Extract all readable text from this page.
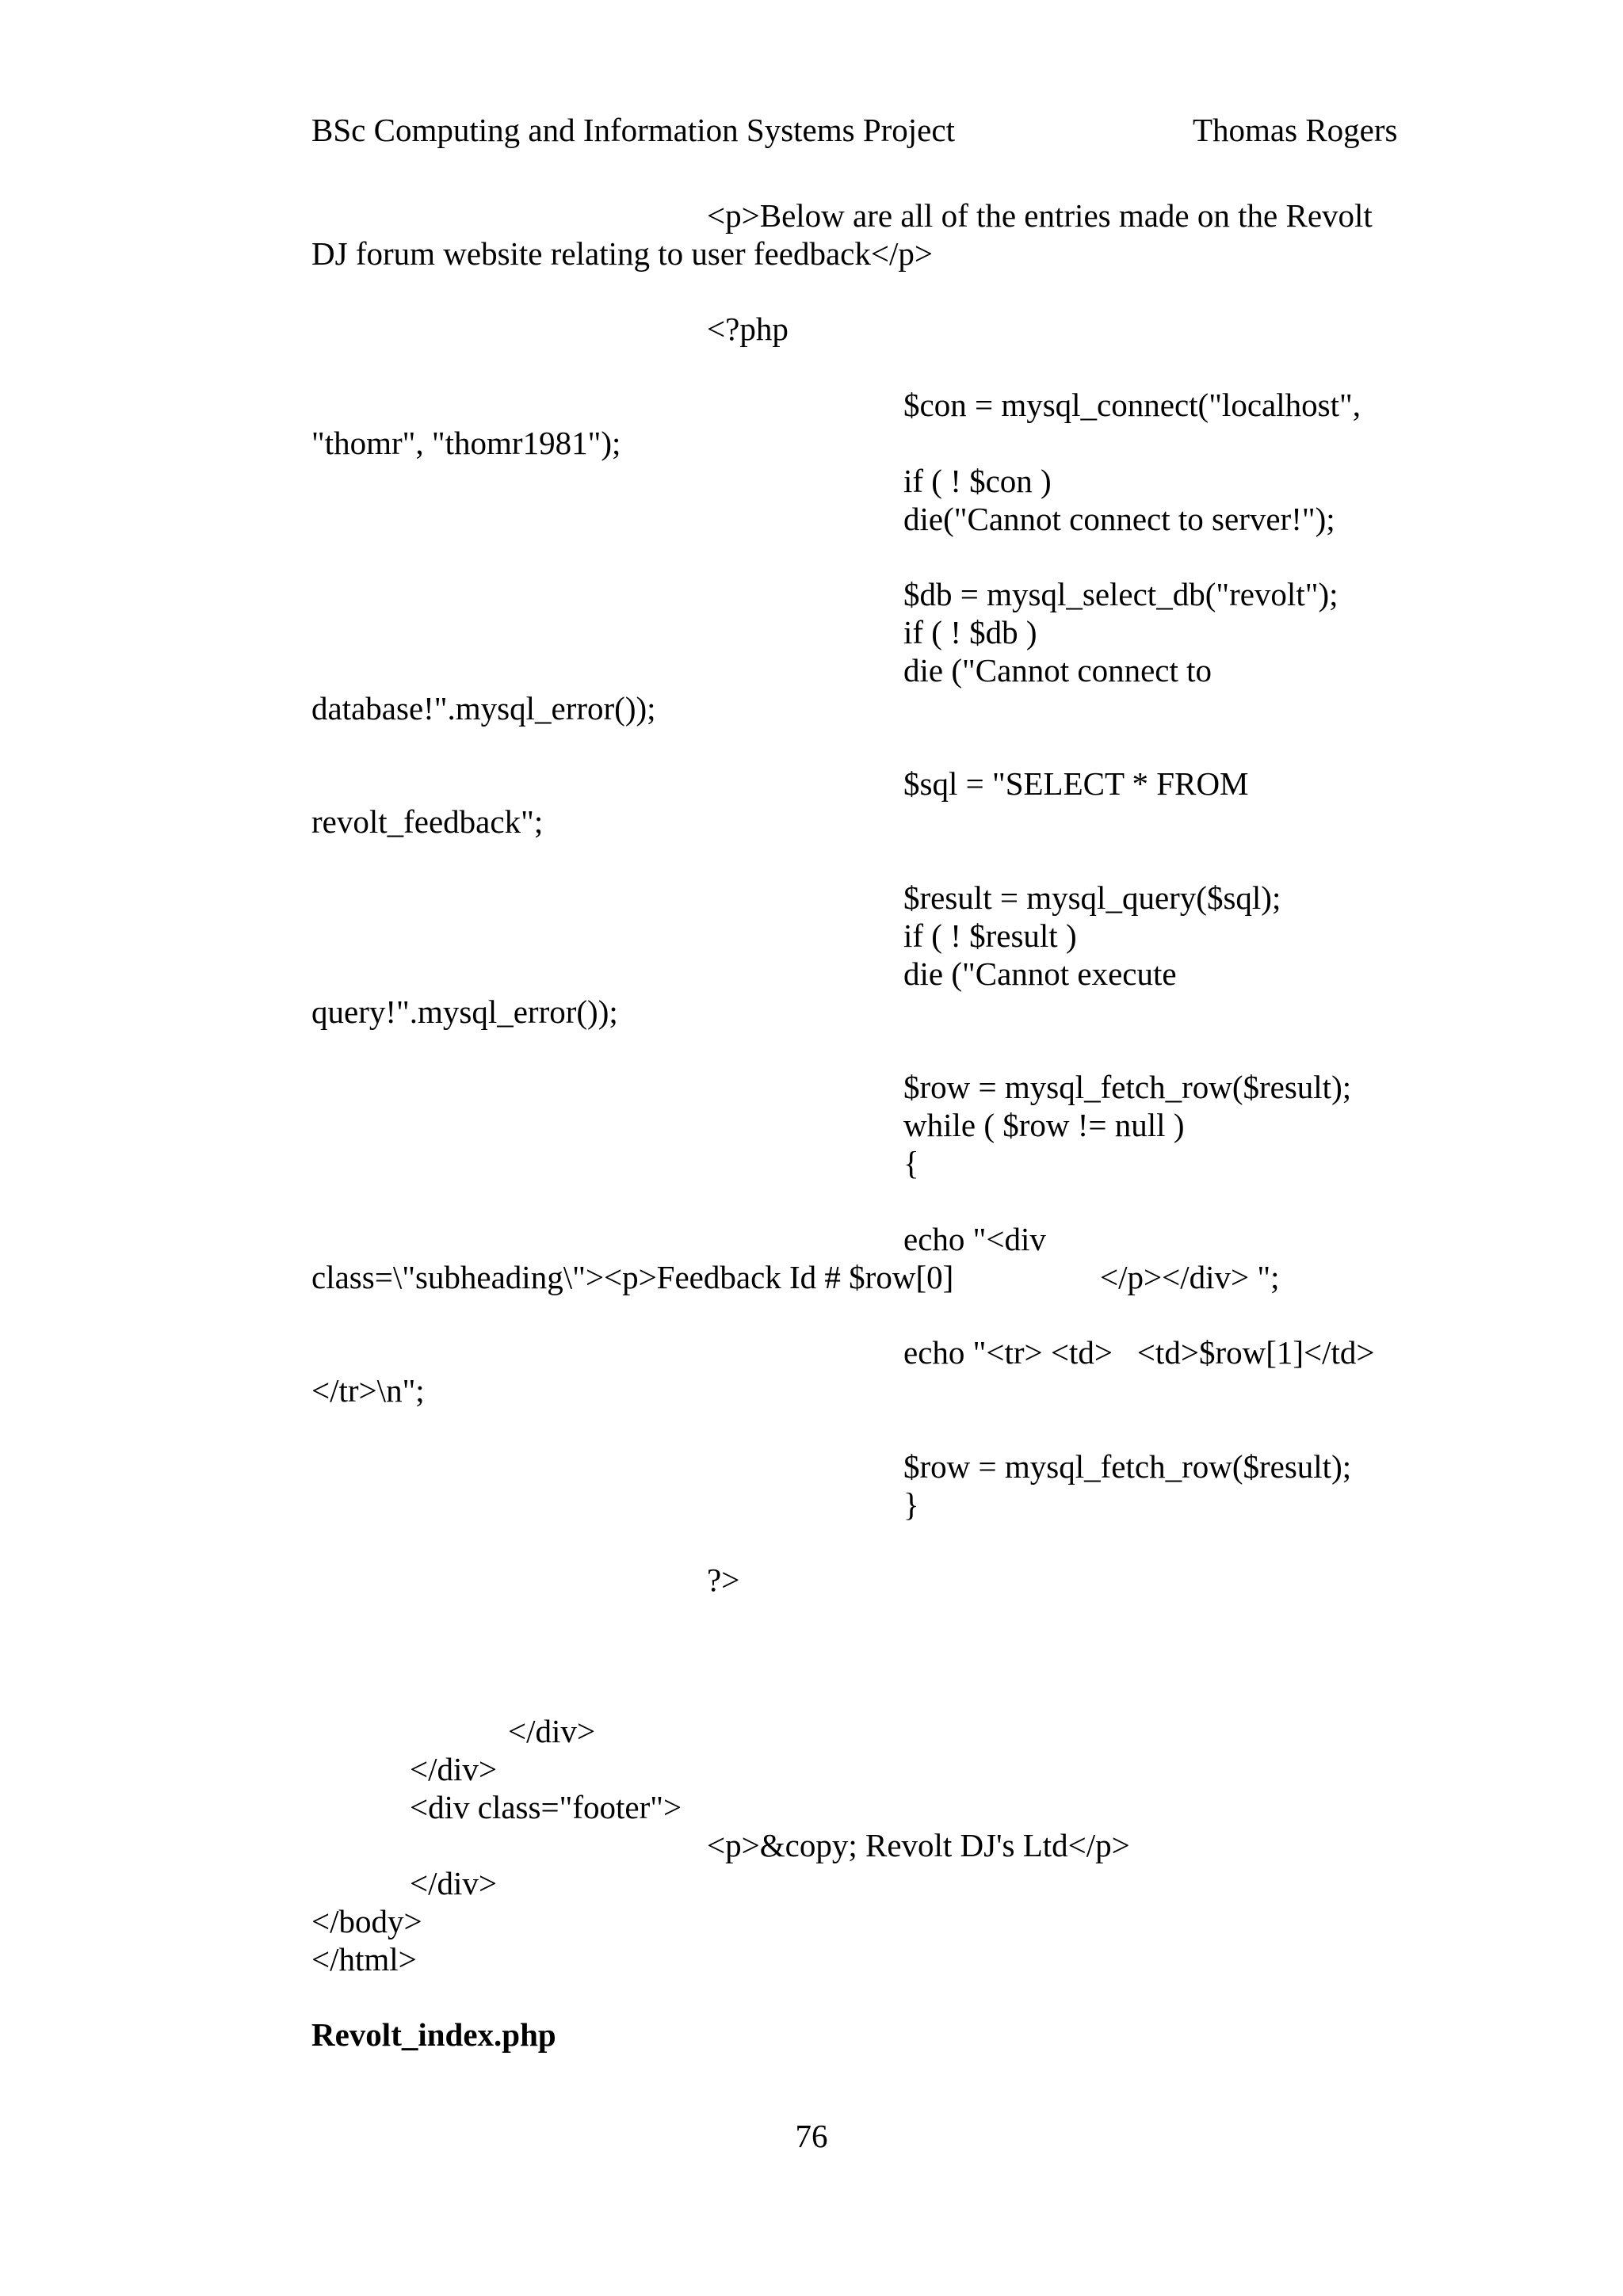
BSc Computing and Information Systems Project	Thomas Rogers
<p>Below are all of the entries made on the Revolt
DJ forum website relating to user feedback</p>
<?php
$con = mysql_connect("localhost",
"thomr", "thomr1981");
if ( ! $con )
die("Cannot connect to server!");
$db = mysql_select_db("revolt");
if ( ! $db )
die ("Cannot connect to
database!".mysql_error());
$sql = "SELECT * FROM
revolt_feedback";
$result = mysql_query($sql);
if ( ! $result )
die ("Cannot execute
query!".mysql_error());
$row = mysql_fetch_row($result);
while ( $row != null )
{
echo "<div
class=\"subheading\"><p>Feedback Id # $row[0]	</p></div> ";
echo "<tr> <td>   <td>$row[1]</td>
</tr>\n";
$row = mysql_fetch_row($result);
}
?>
</div>
</div>
<div class="footer">
<p>&copy; Revolt DJ's Ltd</p>
</div>
</body>
</html>
Revolt_index.php
76
